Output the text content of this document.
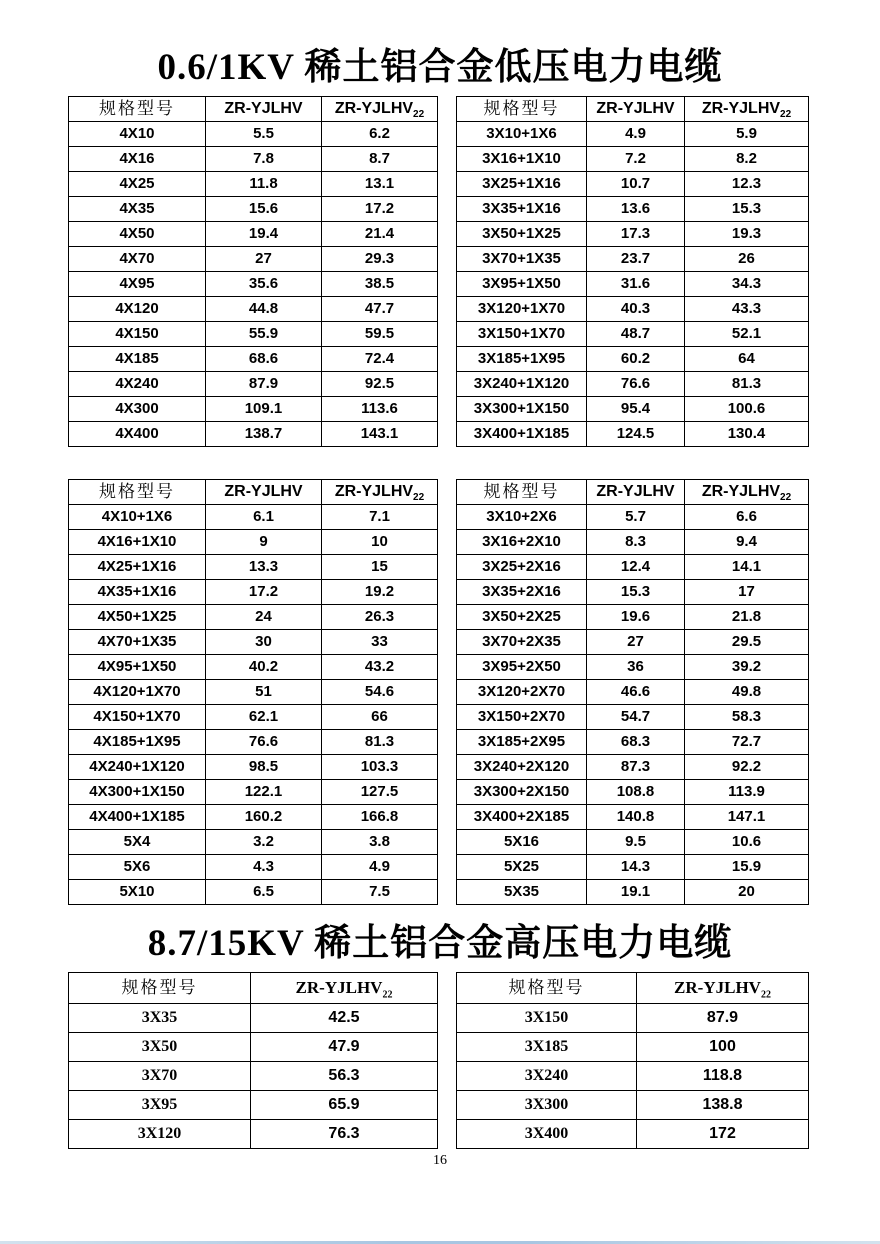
0.6/1KV 稀土铝合金低压电力电缆
规格型号	ZR-YJLHV	$ZR-YJLHV_{22}$
4X10	5.5	6.2
4X16	7.8	8.7
4X25	11.8	13.1
4X35	15.6	17.2
4X50	19.4	21.4
4X70	27	29.3
4X95	35.6	38.5
4X120	44.8	47.7
4X150	55.9	59.5
4X185	68.6	72.4
4X240	87.9	92.5
4X300	109.1	113.6
4X400	138.7	143.1
规格型号	ZR-YJLHV	$ZR-YJLHV_{22}$
3X10+1X6	4.9	5.9
3X16+1X10	7.2	8.2
3X25+1X16	10.7	12.3
3X35+1X16	13.6	15.3
3X50+1X25	17.3	19.3
3X70+1X35	23.7	26
3X95+1X50	31.6	34.3
3X120+1X70	40.3	43.3
3X150+1X70	48.7	52.1
3X185+1X95	60.2	64
3X240+1X120	76.6	81.3
3X300+1X150	95.4	100.6
3X400+1X185	124.5	130.4
规格型号	ZR-YJLHV	$ZR-YJLHV_{22}$
4X10+1X6	6.1	7.1
4X16+1X10	9	10
4X25+1X16	13.3	15
4X35+1X16	17.2	19.2
4X50+1X25	24	26.3
4X70+1X35	30	33
4X95+1X50	40.2	43.2
4X120+1X70	51	54.6
4X150+1X70	62.1	66
4X185+1X95	76.6	81.3
4X240+1X120	98.5	103.3
4X300+1X150	122.1	127.5
4X400+1X185	160.2	166.8
5X4	3.2	3.8
5X6	4.3	4.9
5X10	6.5	7.5
规格型号	ZR-YJLHV	$ZR-YJLHV_{22}$
3X10+2X6	5.7	6.6
3X16+2X10	8.3	9.4
3X25+2X16	12.4	14.1
3X35+2X16	15.3	17
3X50+2X25	19.6	21.8
3X70+2X35	27	29.5
3X95+2X50	36	39.2
3X120+2X70	46.6	49.8
3X150+2X70	54.7	58.3
3X185+2X95	68.3	72.7
3X240+2X120	87.3	92.2
3X300+2X150	108.8	113.9
3X400+2X185	140.8	147.1
5X16	9.5	10.6
5X25	14.3	15.9
5X35	19.1	20
8.7/15KV 稀土铝合金高压电力电缆
规格型号	$ZR-YJLHV_{22}$
3X35	42.5
3X50	47.9
3X70	56.3
3X95	65.9
3X120	76.3
规格型号	$ZR-YJLHV_{22}$
3X150	87.9
3X185	100
3X240	118.8
3X300	138.8
3X400	172
16
